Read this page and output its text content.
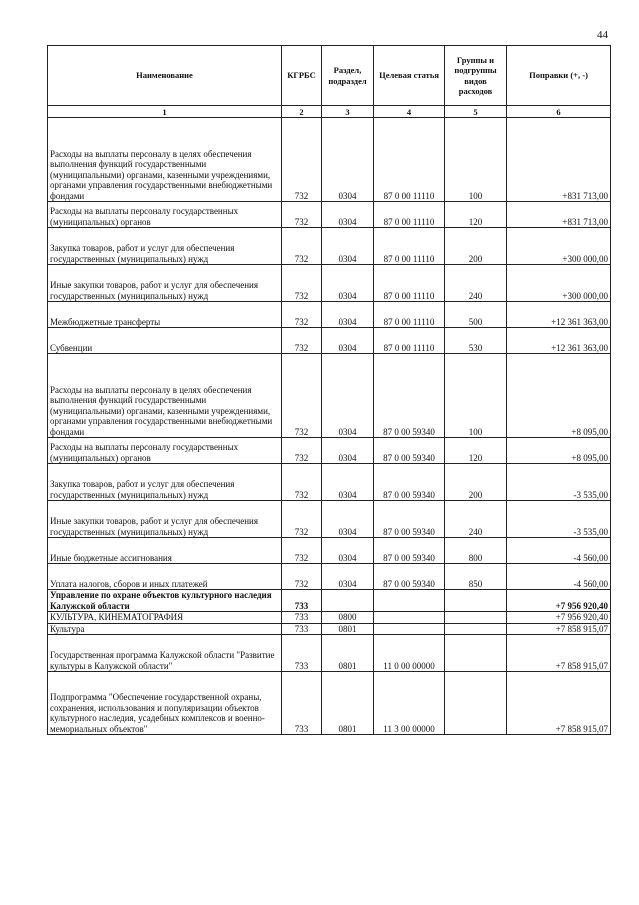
44
Наименование	КГРБС	Раздел, подраздел	Целевая статья	Группы и подгруппы видов расходов	Поправки (+, -)
1	2	3	4	5	6
Расходы на выплаты персоналу в целях обеспечения выполнения функций государственными (муниципальными) органами, казенными учреждениями, органами управления государственными внебюджетными фондами	732	0304	87 0 00 11110	100	+831 713,00
Расходы на выплаты персоналу государственных (муниципальных) органов	732	0304	87 0 00 11110	120	+831 713,00
Закупка товаров, работ и услуг для обеспечения государственных (муниципальных) нужд	732	0304	87 0 00 11110	200	+300 000,00
Иные закупки товаров, работ и услуг для обеспечения государственных (муниципальных) нужд	732	0304	87 0 00 11110	240	+300 000,00
Межбюджетные трансферты	732	0304	87 0 00 11110	500	+12 361 363,00
Субвенции	732	0304	87 0 00 11110	530	+12 361 363,00
Расходы на выплаты персоналу в целях обеспечения выполнения функций государственными (муниципальными) органами, казенными учреждениями, органами управления государственными внебюджетными фондами	732	0304	87 0 00 59340	100	+8 095,00
Расходы на выплаты персоналу государственных (муниципальных) органов	732	0304	87 0 00 59340	120	+8 095,00
Закупка товаров, работ и услуг для обеспечения государственных (муниципальных) нужд	732	0304	87 0 00 59340	200	-3 535,00
Иные закупки товаров, работ и услуг для обеспечения государственных (муниципальных) нужд	732	0304	87 0 00 59340	240	-3 535,00
Иные бюджетные ассигнования	732	0304	87 0 00 59340	800	-4 560,00
Уплата налогов, сборов и иных платежей	732	0304	87 0 00 59340	850	-4 560,00
Управление по охране объектов культурного наследия Калужской области	733				+7 956 920,40
КУЛЬТУРА, КИНЕМАТОГРАФИЯ	733	0800			+7 956 920,40
Культура	733	0801			+7 858 915,07
Государственная программа Калужской области "Развитие культуры в Калужской области"	733	0801	11 0 00 00000		+7 858 915,07
Подпрограмма "Обеспечение государственной охраны, сохранения, использования и популяризации объектов культурного наследия, усадебных комплексов и военно-мемориальных объектов"	733	0801	11 3 00 00000		+7 858 915,07
